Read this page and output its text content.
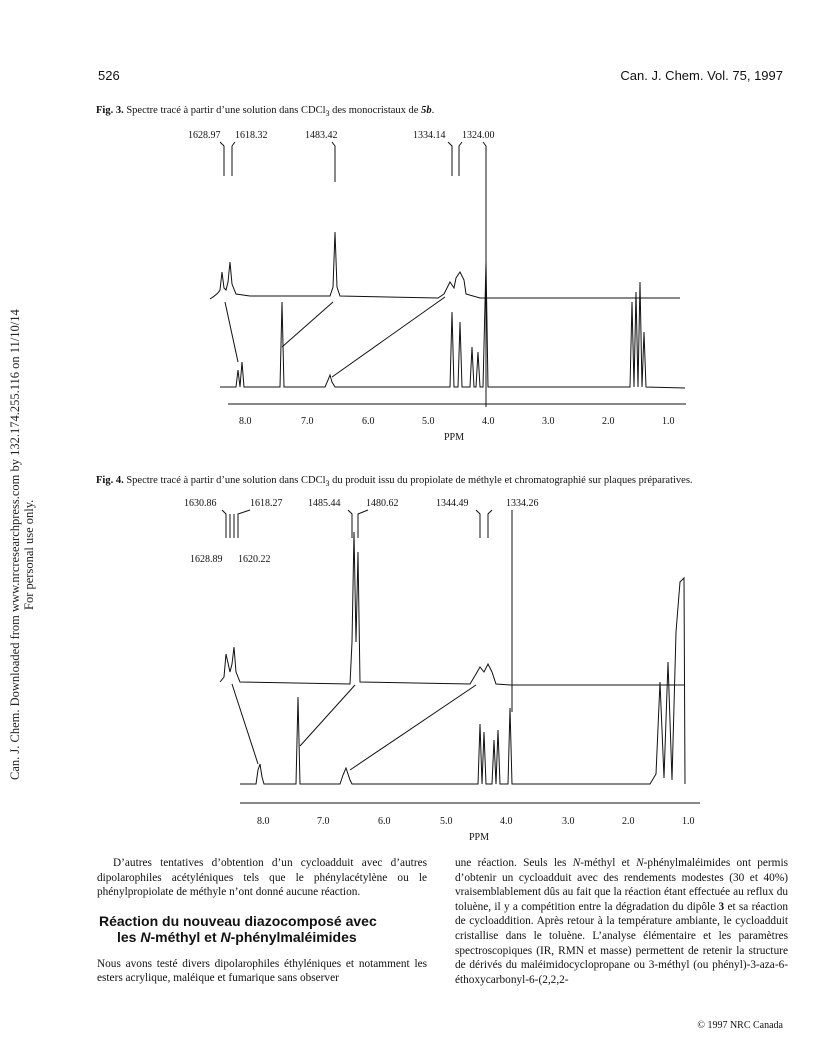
526	Can. J. Chem. Vol. 75, 1997
Can. J. Chem. Downloaded from www.nrcresearchpress.com by 132.174.255.116 on 11/10/14 For personal use only.
Fig. 3. Spectre tracé à partir d’une solution dans CDCl$_3$ des monocristaux de 5b.
1628.97 1618.32	1483.42	1334.14 1324.00
PPM
8.0	7.0	6.0	5.0	4.0	3.0	2.0	1.0
Fig. 4. Spectre tracé à partir d’une solution dans CDCl$_3$ du produit issu du propiolate de méthyle et chromatographié sur plaques préparatives.
1630.86	1618.27	1485.44	1480.62	1344.49	1334.26
1628.89 1620.22
PPM
8.0	7.0	6.0	5.0	4.0	3.0	2.0	1.0

D’autres tentatives d’obtention d’un cycloadduit avec d’autres dipolarophiles acétyléniques tels que le phénylacétylène ou le phénylpropiolate de méthyle n’ont donné aucune réaction.

Réaction du nouveau diazocomposé avec
les N-méthyl et N-phénylmaléimides

Nous avons testé divers dipolarophiles éthyléniques et notamment les esters acrylique, maléique et fumarique sans observer

une réaction. Seuls les N-méthyl et N-phénylmaléimides ont permis d’obtenir un cycloadduit avec des rendements modestes (30 et 40%) vraisemblablement dûs au fait que la réaction étant effectuée au reflux du toluène, il y a compétition entre la dégradation du dipôle 3 et sa réaction de cycloaddition. Après retour à la température ambiante, le cycloadduit cristallise dans le toluène. L’analyse élémentaire et les paramètres spectroscopiques (IR, RMN et masse) permettent de retenir la structure de dérivés du maléimidocyclopropane ou 3-méthyl (ou phényl)-3-aza-6-éthoxycarbonyl-6-(2,2,2-

© 1997 NRC Canada
